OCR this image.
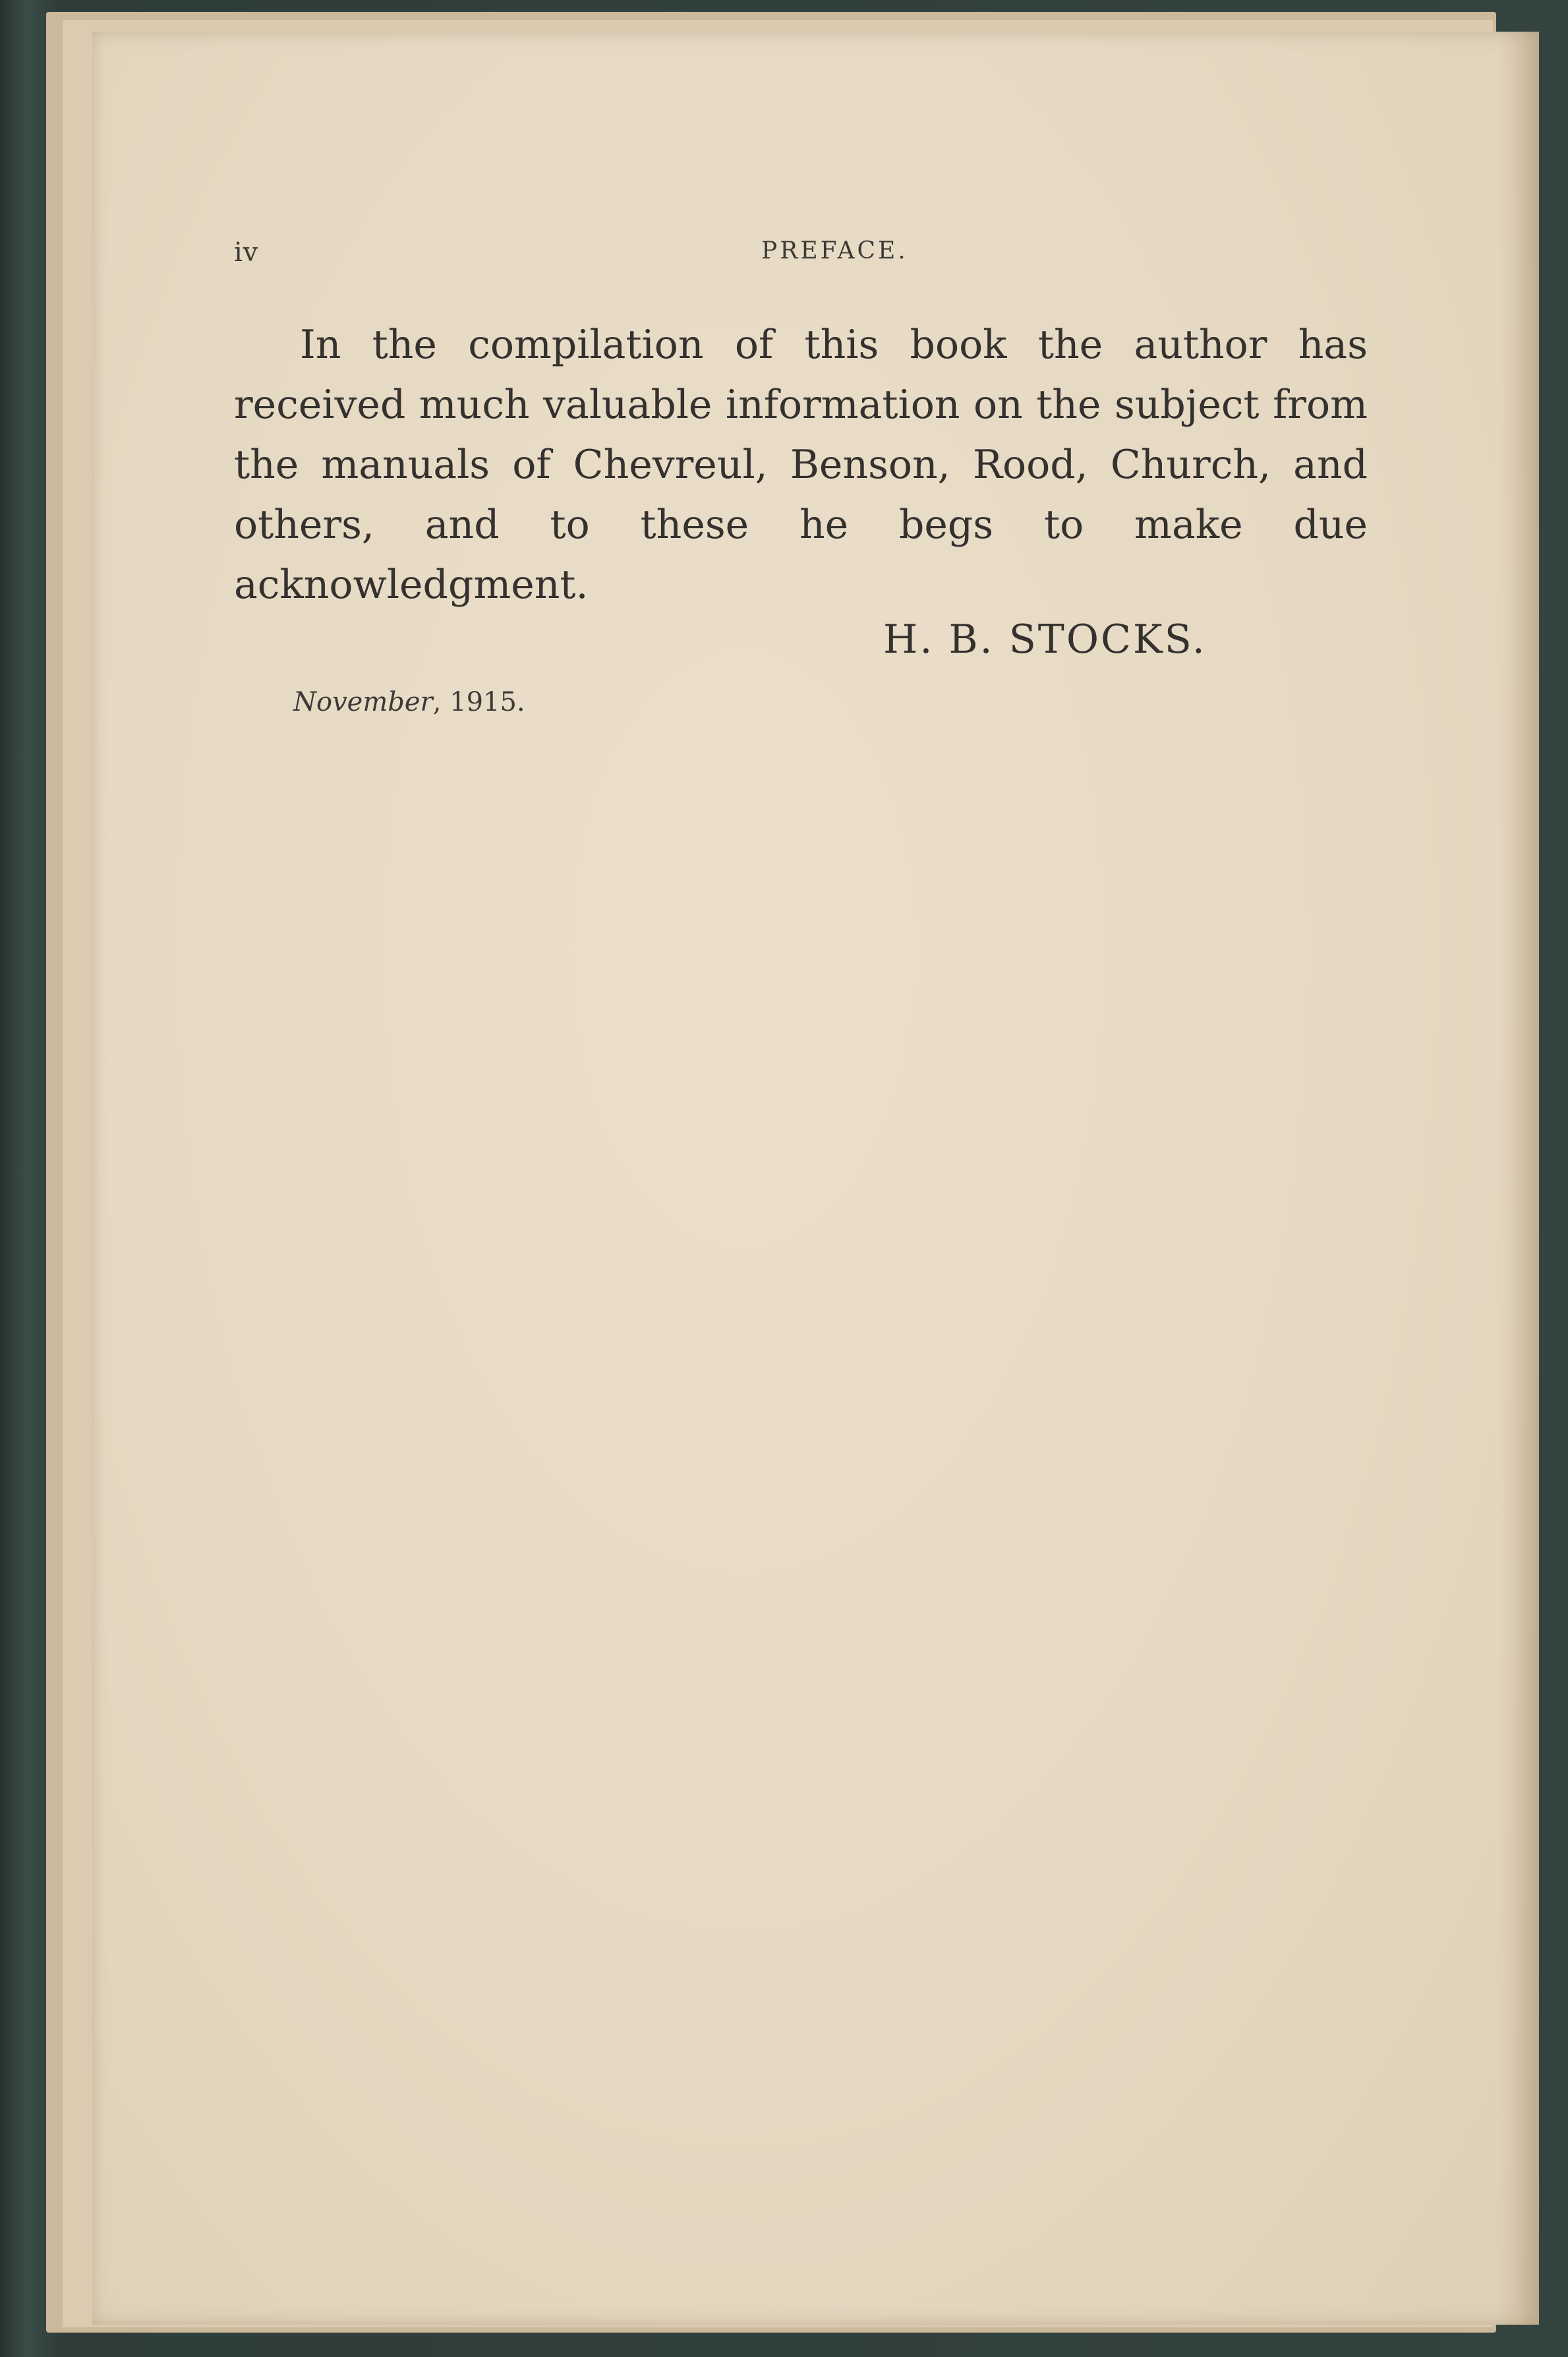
iv	PREFACE.

In the compilation of this book the author has received much valuable information on the subject from the manuals of Chevreul, Benson, Rood, Church, and others, and to these he begs to make due acknowledgment.

H. B. STOCKS.
November, 1915.
